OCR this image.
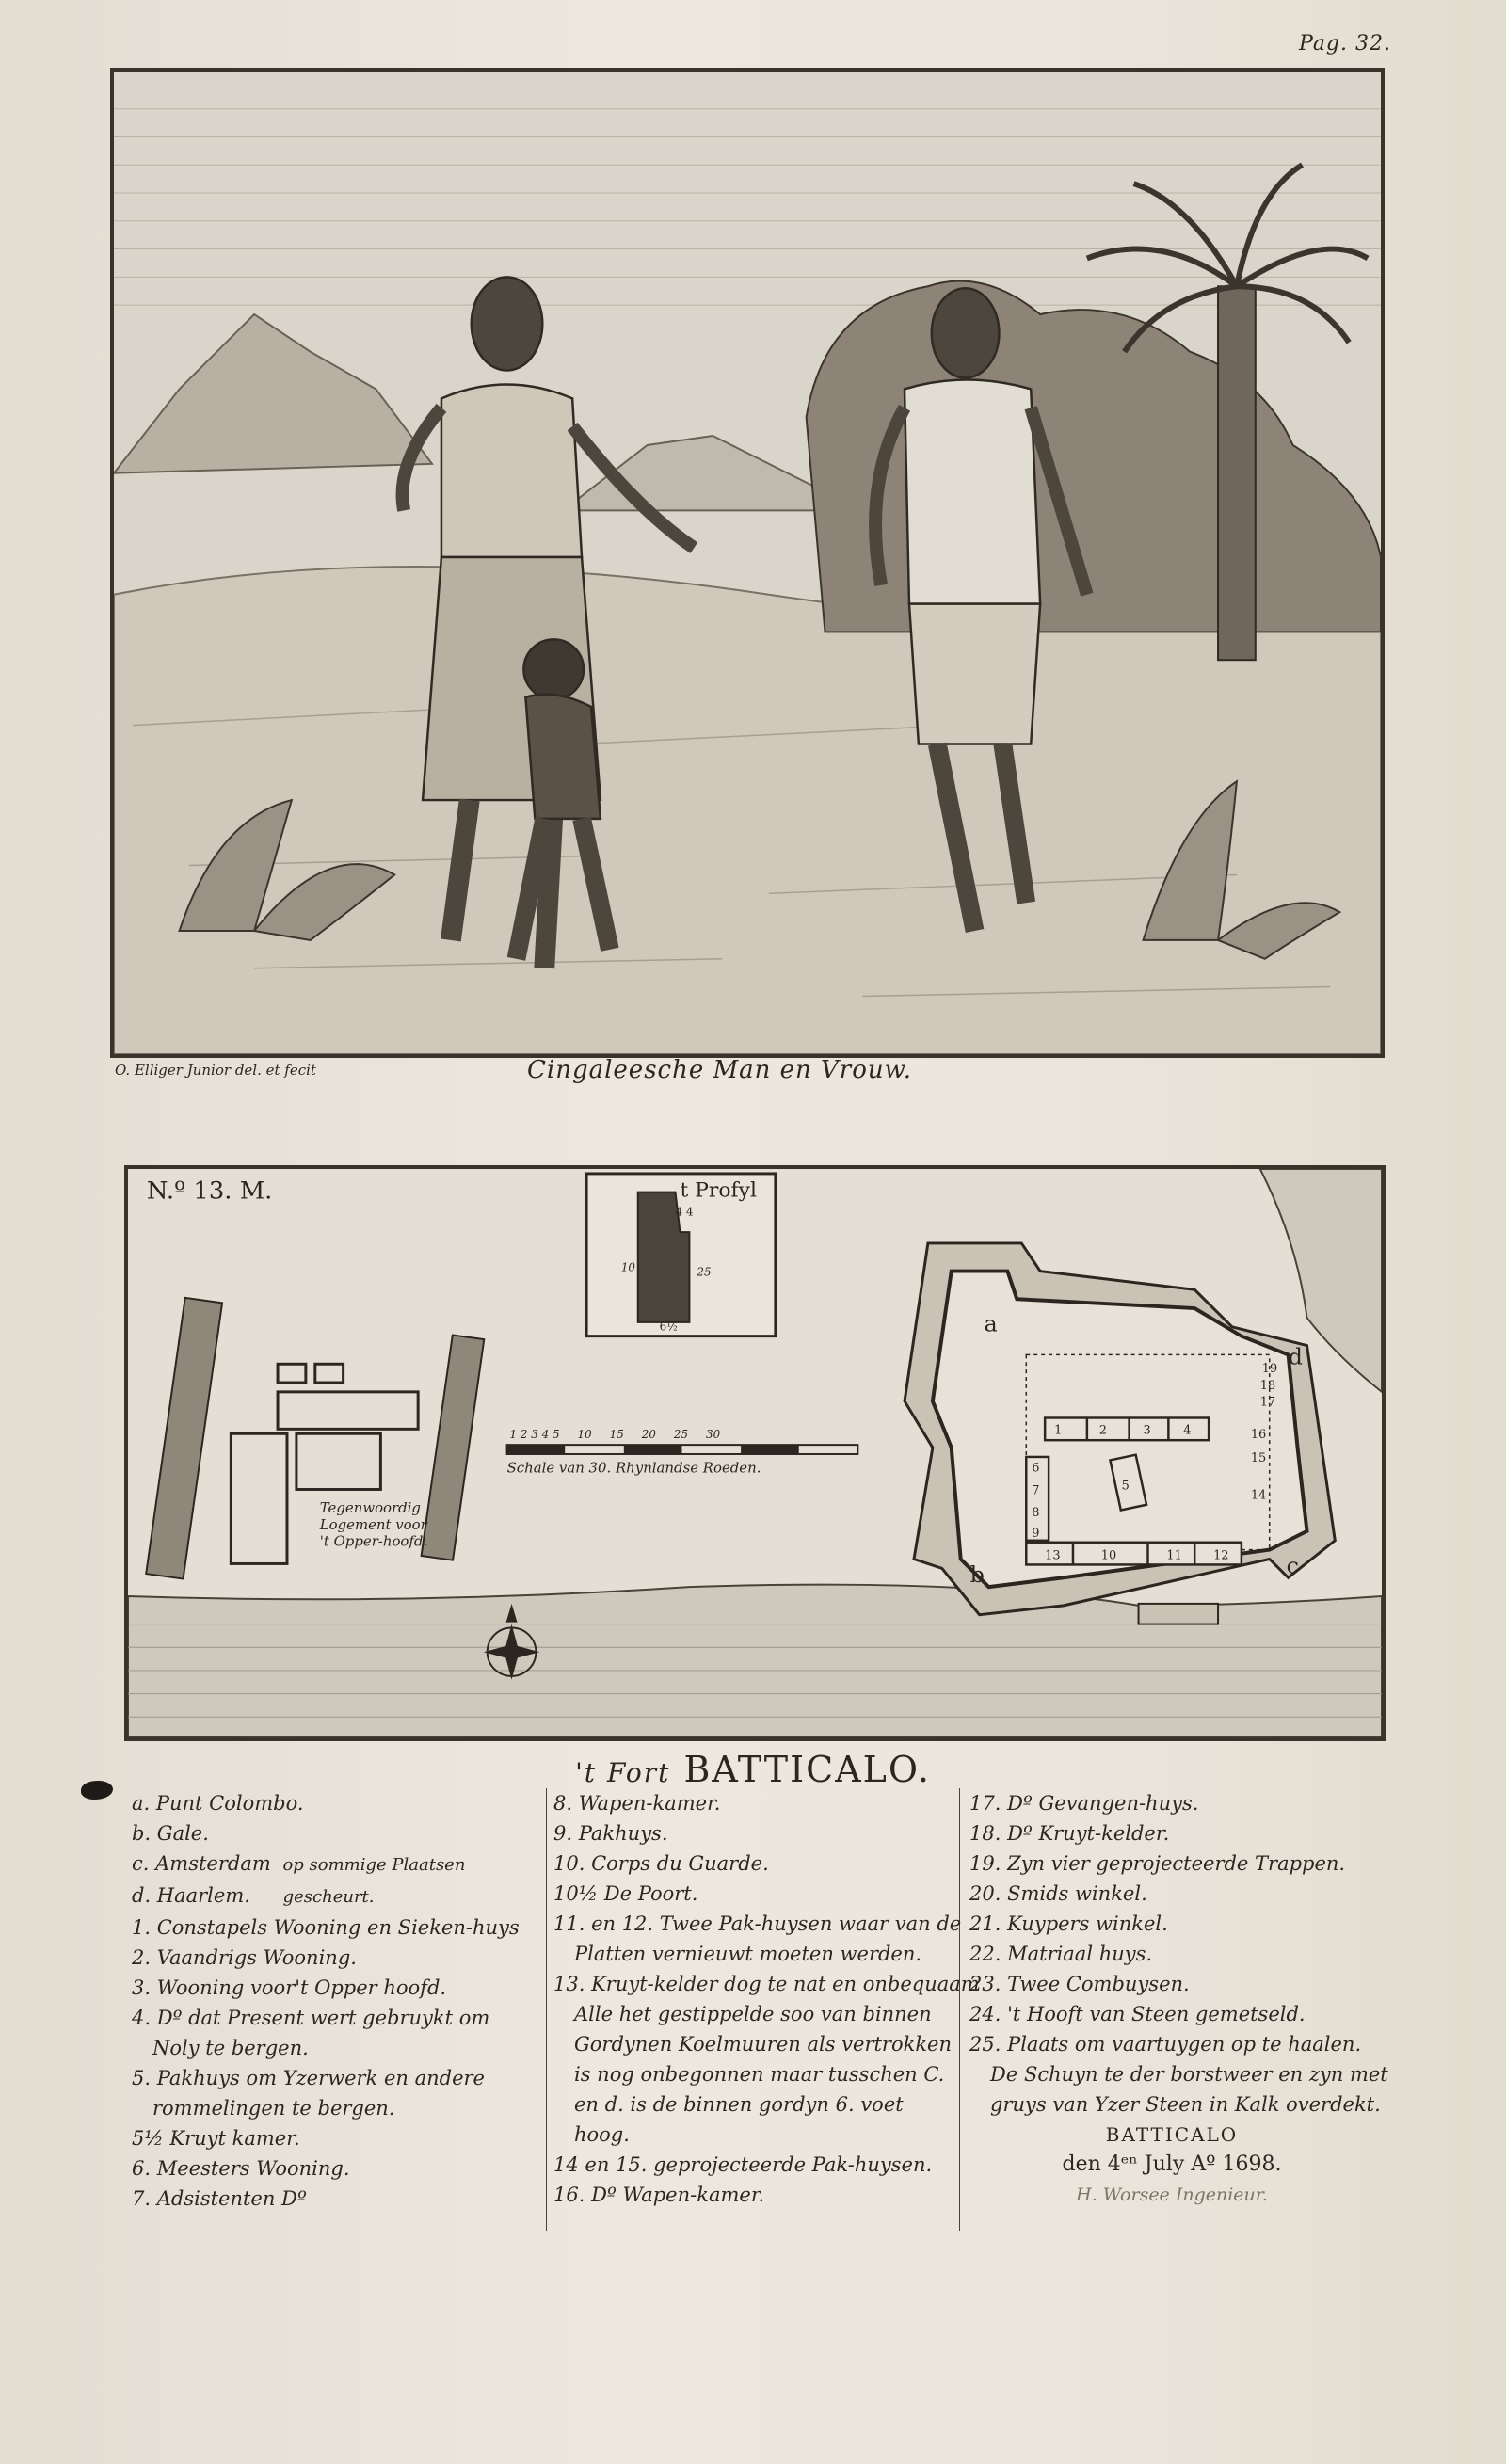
Pag. 32.
O. Elliger Junior del. et fecit	Cingaleesche Man en Vrouw.
N.º 13. M.
Tegenwoordig
Logement voor
't Opper-hoofd.
t Profyl
4 4
10	25
6½
1 2 3 4 5     10     15     20     25     30
Schale van 30. Rhynlandse Roeden.
a
b	c
d
1	2	3	4
5
6
7
8
9
10	11	12
13
14
15
16
17
18
19
't Fort BATTICALO.
a. Punt Colombo.
b. Gale.
c. Amsterdam op sommige Plaatsen
d. Haarlem. gescheurt.
1. Constapels Wooning en Sieken-huys
2. Vaandrigs Wooning.
3. Wooning voor't Opper hoofd.
4. Dº dat Present wert gebruykt om
Noly te bergen.
5. Pakhuys om Yzerwerk en andere
rommelingen te bergen.
5½ Kruyt kamer.
6. Meesters Wooning.
7. Adsistenten Dº
8. Wapen-kamer.
9. Pakhuys.
10. Corps du Guarde.
10½ De Poort.
11. en 12. Twee Pak-huysen waar van de
Platten vernieuwt moeten werden.
13. Kruyt-kelder dog te nat en onbequaam
Alle het gestippelde soo van binnen
Gordynen Koelmuuren als vertrokken
is nog onbegonnen maar tusschen C.
en d. is de binnen gordyn 6. voet
hoog.
14 en 15. geprojecteerde Pak-huysen.
16. Dº Wapen-kamer.
17. Dº Gevangen-huys.
18. Dº Kruyt-kelder.
19. Zyn vier geprojecteerde Trappen.
20. Smids winkel.
21. Kuypers winkel.
22. Matriaal huys.
23. Twee Combuysen.
24. 't Hooft van Steen gemetseld.
25. Plaats om vaartuygen op te haalen.
De Schuyn te der borstweer en zyn met
gruys van Yzer Steen in Kalk overdekt.
BATTICALO
den 4ᵉⁿ July Aº 1698.
H. Worsee Ingenieur.
